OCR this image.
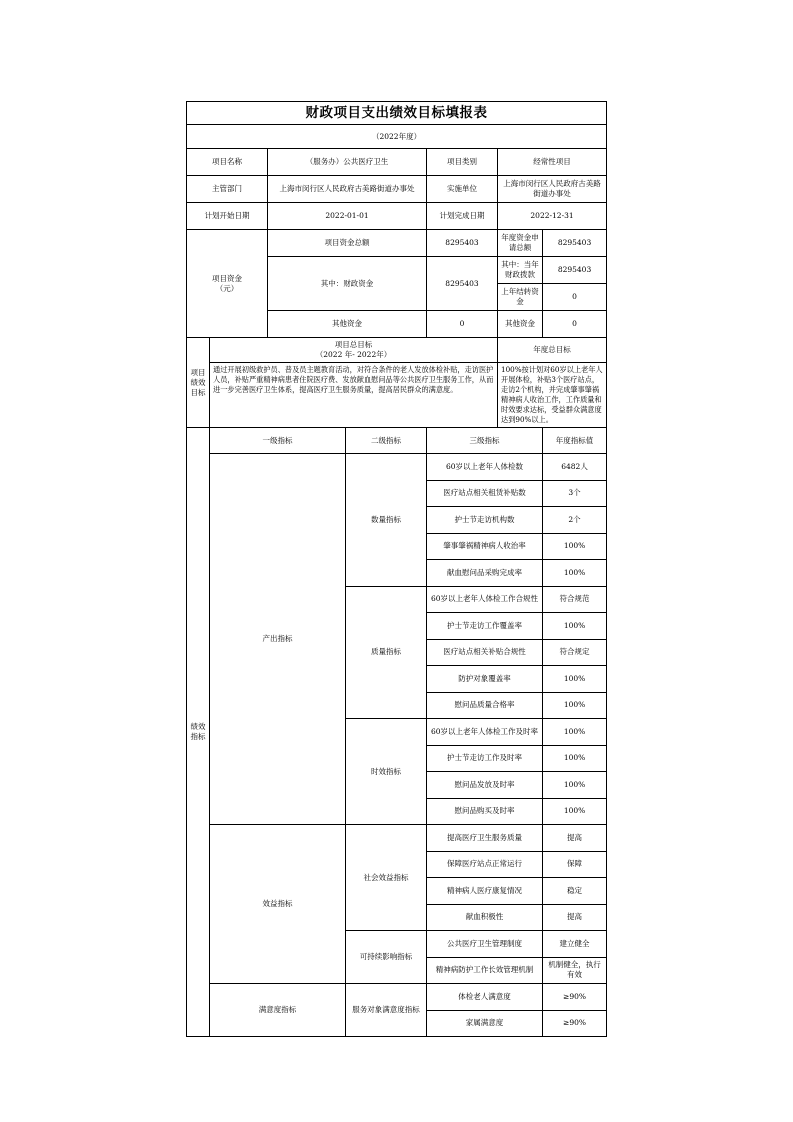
财政项目支出绩效目标填报表						
（2022年度）						
项目名称		（服务办）公共医疗卫生		项目类别	经常性项目	
主管部门		上海市闵行区人民政府古美路街道办事处		实施单位	上海市闵行区人民政府古美路街道办事处	
计划开始日期		2022-01-01		计划完成日期	2022-12-31	
项目资金（元）		项目资金总额		8295403	年度资金申请总额	8295403
		其中：财政资金		8295403	其中：当年财政拨款	8295403
					上年结转资金	0
		其他资金		0	其他资金	0
项目绩效目标	项目总目标
（2022 年- 2022年）				年度总目标	
	通过开展初级救护员、普及员主题教育活动，对符合条件的老人发放体检补贴，走访医护人员，补贴严重精神病患者住院医疗费、发放献血慰问品等公共医疗卫生服务工作，从而进一步完善医疗卫生体系，提高医疗卫生服务质量，提高居民群众的满意度。				100%按计划对60岁以上老年人开展体检，补贴3个医疗站点，走访2个机构，并完成肇事肇祸精神病人收治工作，工作质量和时效要求达标，受益群众满意度达到90%以上。	
绩效指标	一级指标		二级指标	三级指标		年度指标值
	产出指标		数量指标	60岁以上老年人体检数		6482人
				医疗站点相关租赁补贴数		3个
				护士节走访机构数		2个
				肇事肇祸精神病人收治率		100%
				献血慰问品采购完成率		100%
			质量指标	60岁以上老年人体检工作合规性		符合规范
				护士节走访工作覆盖率		100%
				医疗站点相关补贴合规性		符合规定
				防护对象覆盖率		100%
				慰问品质量合格率		100%
			时效指标	60岁以上老年人体检工作及时率		100%
				护士节走访工作及时率		100%
				慰问品发放及时率		100%
				慰问品购买及时率		100%
	效益指标		社会效益指标	提高医疗卫生服务质量		提高
				保障医疗站点正常运行		保障
				精神病人医疗康复情况		稳定
				献血积极性		提高
			可持续影响指标	公共医疗卫生管理制度		建立健全
				精神病防护工作长效管理机制		机制健全，执行有效
	满意度指标		服务对象满意度指标	体检老人满意度		≥90%
				家属满意度		≥90%
